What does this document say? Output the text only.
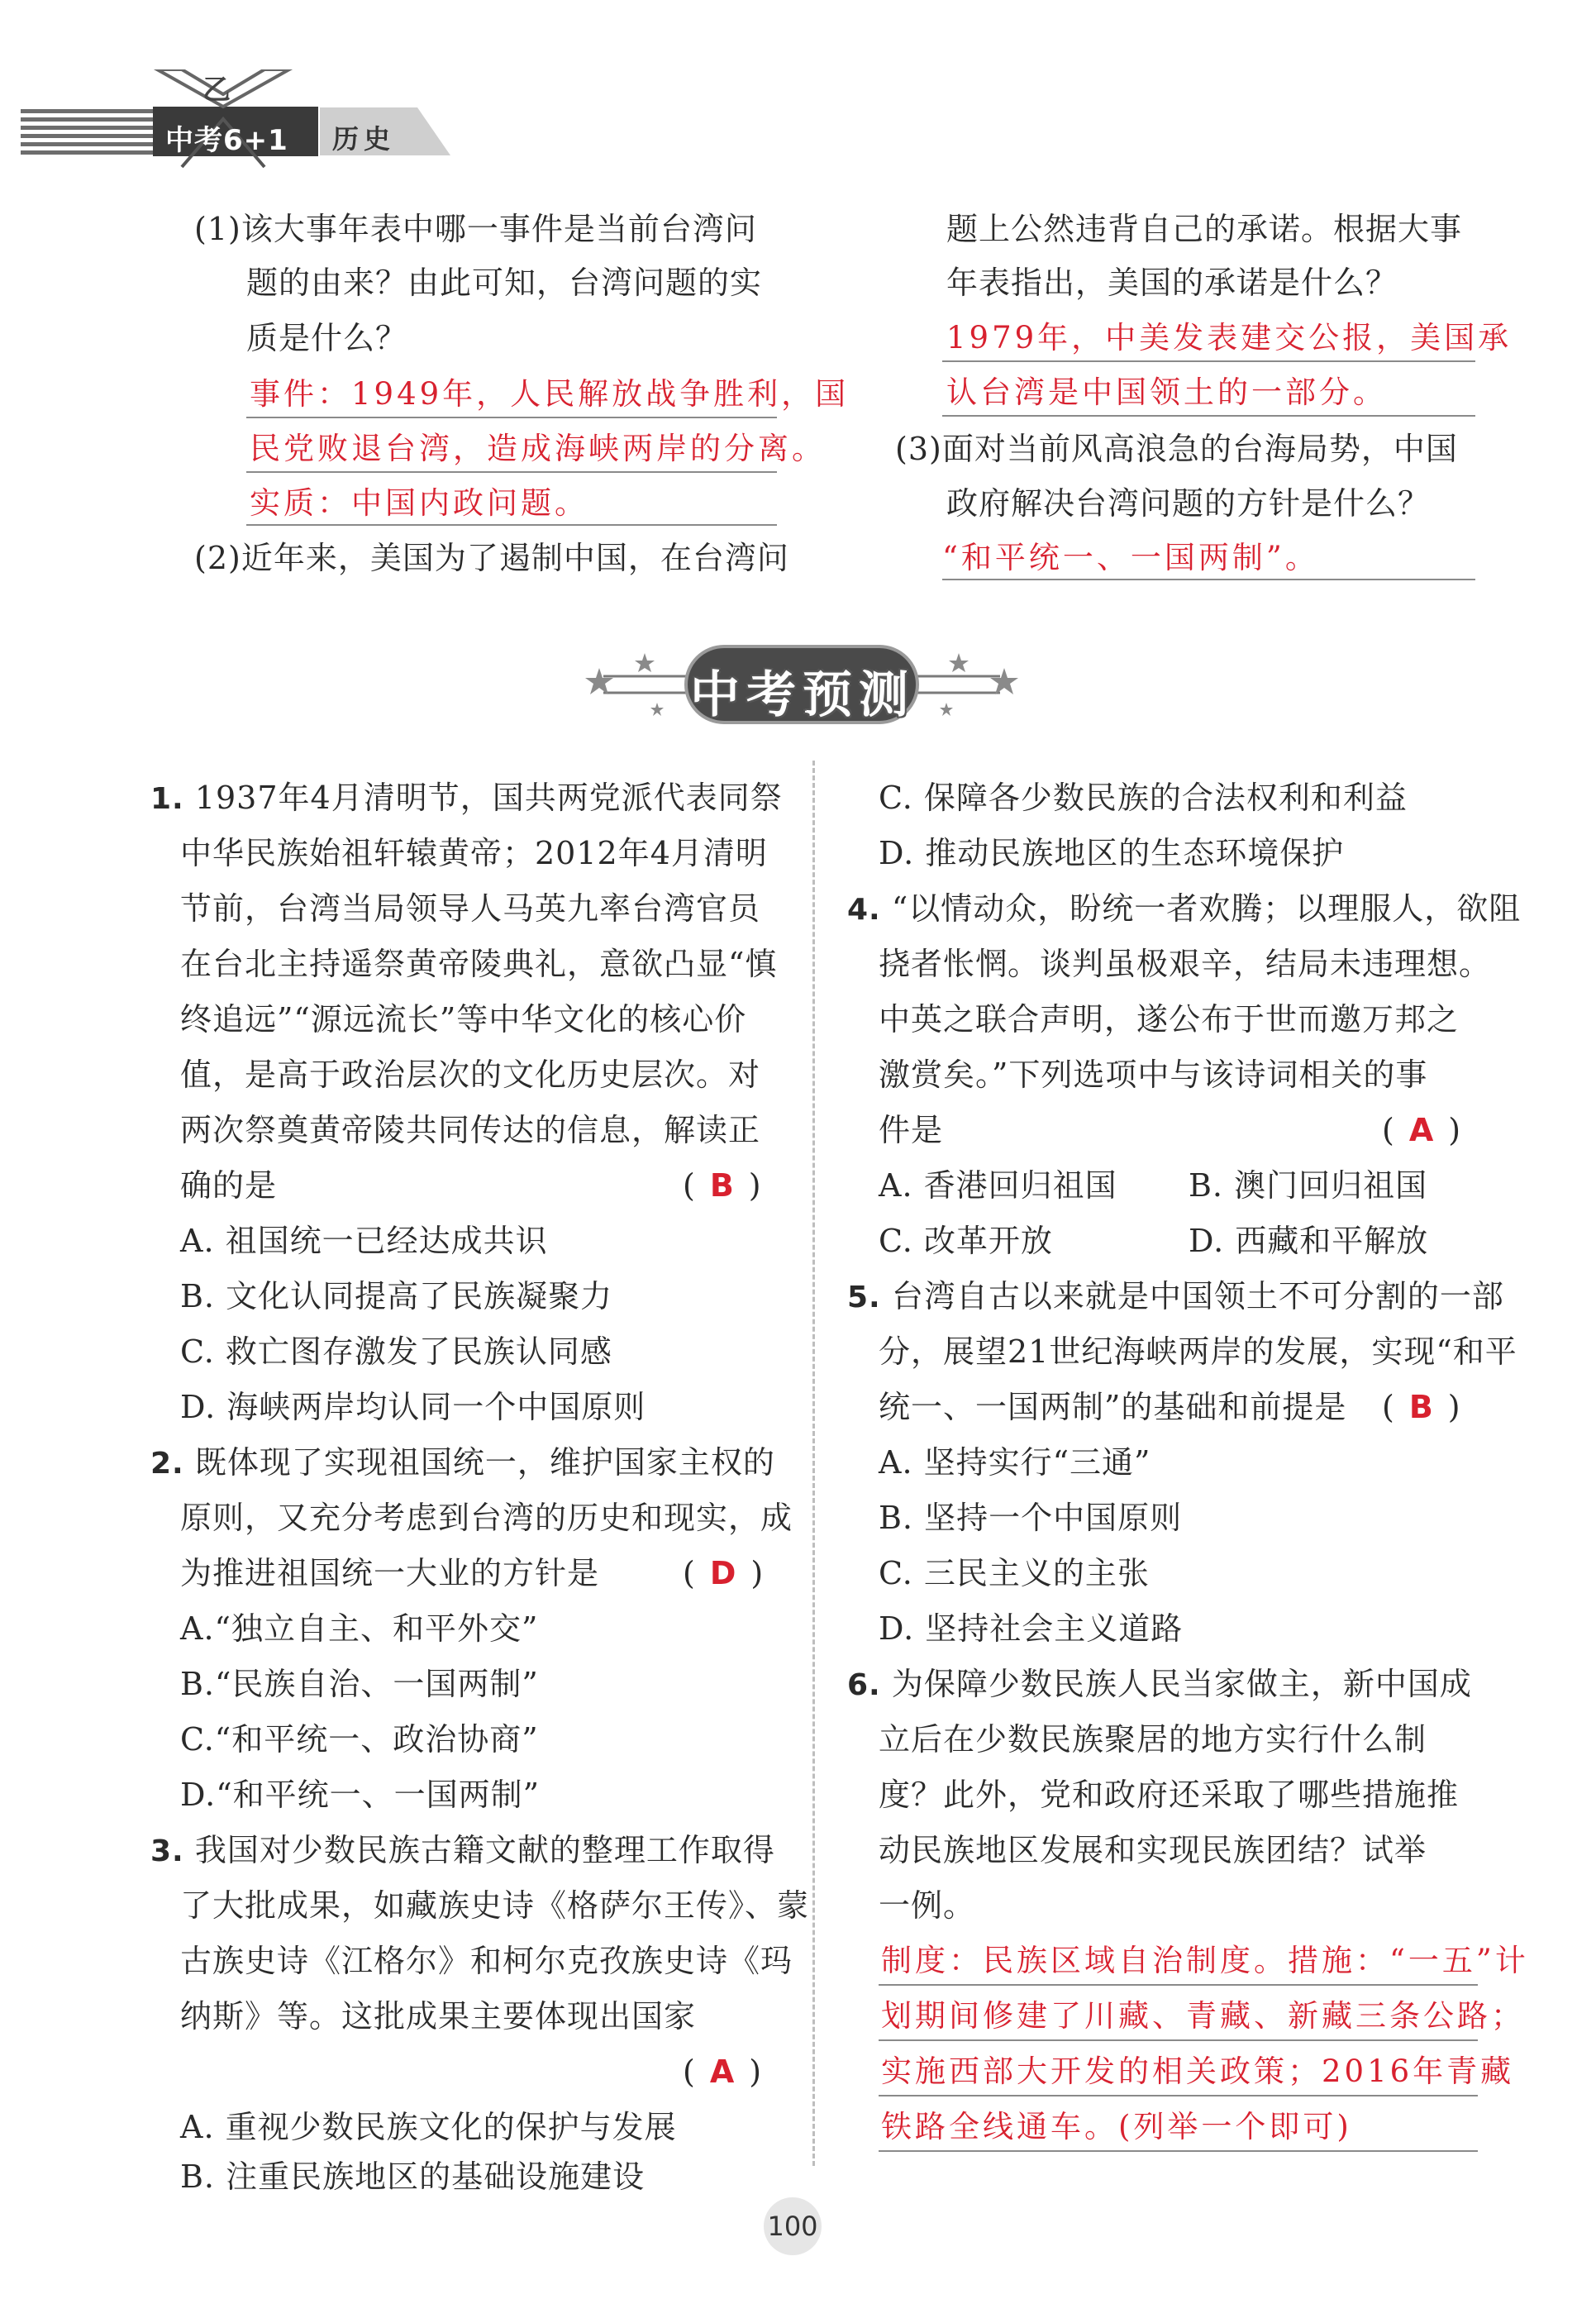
乙
中考6+1 历史
(1)该大事年表中哪一事件是当前台湾问
题的由来？由此可知，台湾问题的实
质是什么？
事件：1949年，人民解放战争胜利，国
民党败退台湾，造成海峡两岸的分离。
实质：中国内政问题。
(2)近年来，美国为了遏制中国，在台湾问
题上公然违背自己的承诺。根据大事
年表指出，美国的承诺是什么？
1979年，中美发表建交公报，美国承
认台湾是中国领土的一部分。
(3)面对当前风高浪急的台海局势，中国
政府解决台湾问题的方针是什么？
“和平统一、一国两制”。
中考预测
1. 1937年4月清明节，国共两党派代表同祭
中华民族始祖轩辕黄帝；2012年4月清明
节前，台湾当局领导人马英九率台湾官员
在台北主持遥祭黄帝陵典礼，意欲凸显“慎
终追远”“源远流长”等中华文化的核心价
值，是高于政治层次的文化历史层次。对
两次祭奠黄帝陵共同传达的信息，解读正
确的是	( B )
A. 祖国统一已经达成共识
B. 文化认同提高了民族凝聚力
C. 救亡图存激发了民族认同感
D. 海峡两岸均认同一个中国原则
2. 既体现了实现祖国统一，维护国家主权的
原则，又充分考虑到台湾的历史和现实，成
为推进祖国统一大业的方针是	( D )
A.“独立自主、和平外交”
B.“民族自治、一国两制”
C.“和平统一、政治协商”
D.“和平统一、一国两制”
3. 我国对少数民族古籍文献的整理工作取得
了大批成果，如藏族史诗《格萨尔王传》、蒙
古族史诗《江格尔》和柯尔克孜族史诗《玛
纳斯》等。这批成果主要体现出国家
( A )
A. 重视少数民族文化的保护与发展
B. 注重民族地区的基础设施建设
C. 保障各少数民族的合法权利和利益
D. 推动民族地区的生态环境保护
4. “以情动众，盼统一者欢腾；以理服人，欲阻
挠者怅惘。谈判虽极艰辛，结局未违理想。
中英之联合声明，遂公布于世而邀万邦之
激赏矣。”下列选项中与该诗词相关的事
件是	( A )
A. 香港回归祖国 B. 澳门回归祖国
C. 改革开放	D. 西藏和平解放
5. 台湾自古以来就是中国领土不可分割的一部
分，展望21世纪海峡两岸的发展，实现“和平
统一、一国两制”的基础和前提是 ( B )
A. 坚持实行“三通”
B. 坚持一个中国原则
C. 三民主义的主张
D. 坚持社会主义道路
6. 为保障少数民族人民当家做主，新中国成
立后在少数民族聚居的地方实行什么制
度？此外，党和政府还采取了哪些措施推
动民族地区发展和实现民族团结？试举
一例。
制度：民族区域自治制度。措施：“一五”计
划期间修建了川藏、青藏、新藏三条公路；
实施西部大开发的相关政策；2016年青藏
铁路全线通车。(列举一个即可)
100
